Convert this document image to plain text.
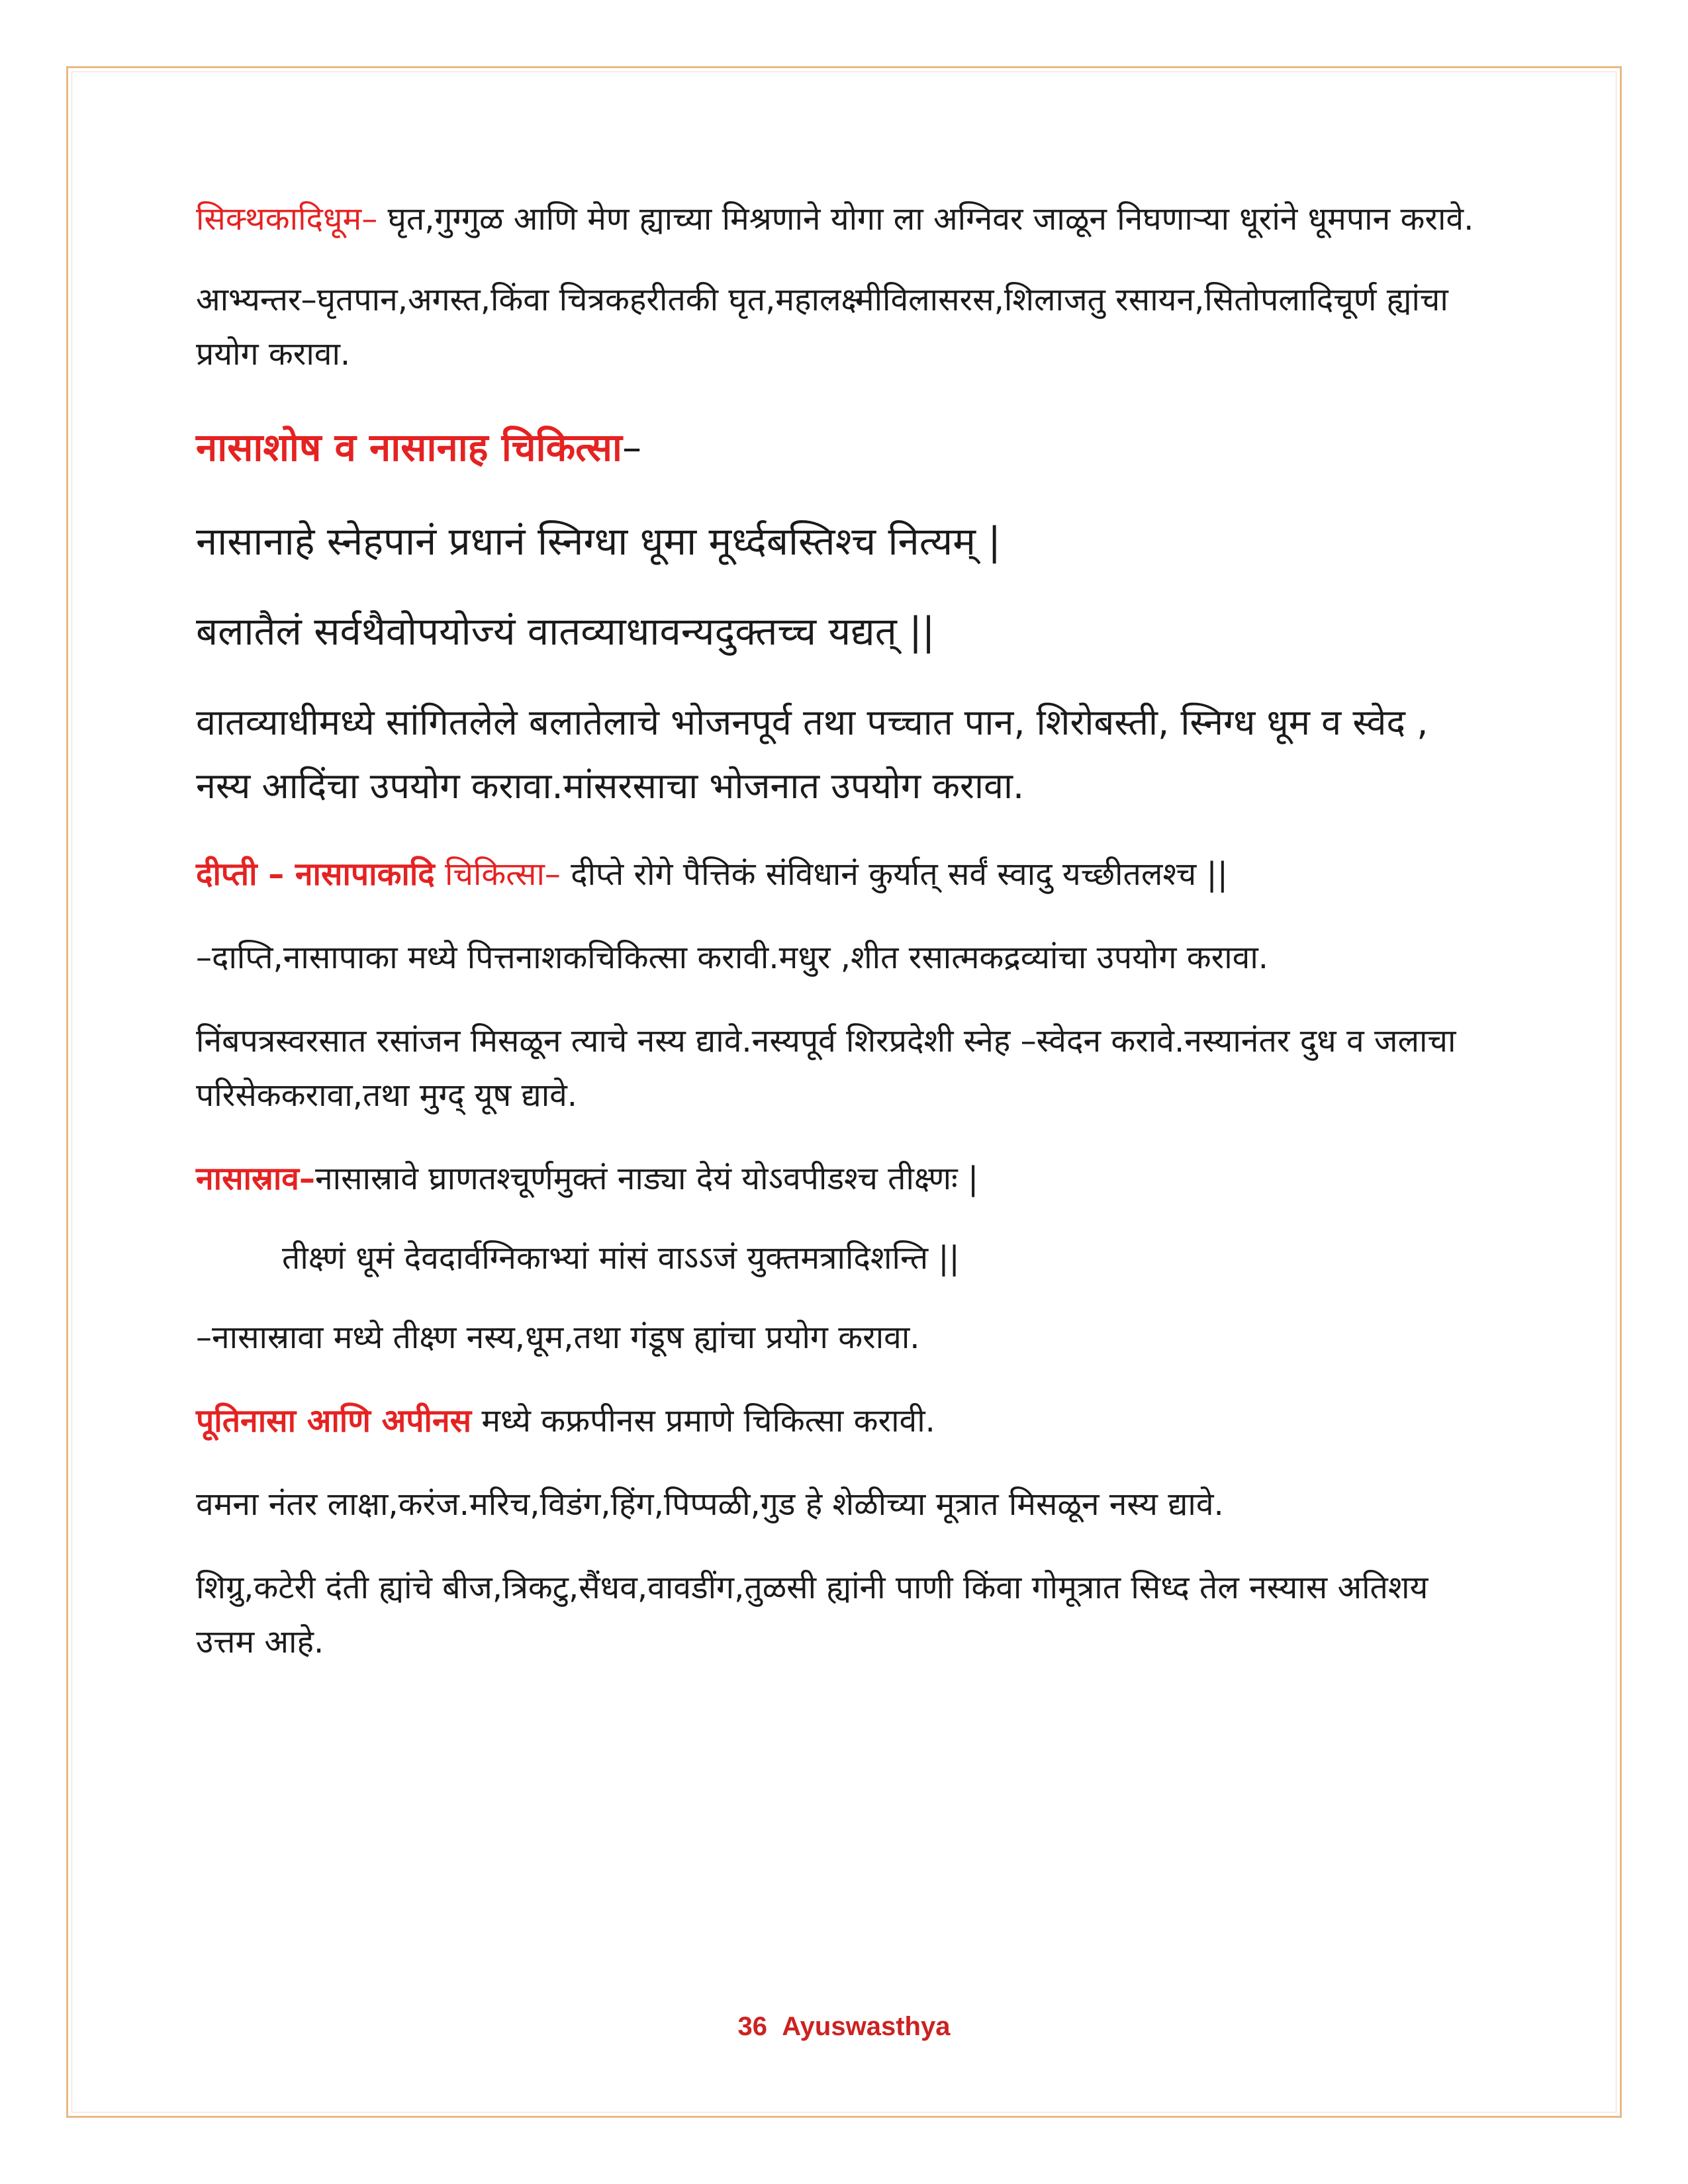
सिक्थकादिधूम– घृत,गुग्गुळ आणि मेण ह्याच्या मिश्रणाने योगा ला अग्निवर जाळून निघणाऱ्या धूरांने धूमपान करावे.

आभ्यन्तर–घृतपान,अगस्त,किंवा चित्रकहरीतकी घृत,महालक्ष्मीविलासरस,शिलाजतु रसायन,सितोपलादिचूर्ण ह्यांचा प्रयोग करावा.

नासाशोष व नासानाह चिकित्सा–

नासानाहे स्नेहपानं प्रधानं स्निग्धा धूमा मूर्ध्दबस्तिश्च नित्यम् |

बलातैलं सर्वथैवोपयोज्यं वातव्याधावन्यदुक्तच्च यद्यत् ||

वातव्याधीमध्ये सांगितलेले बलातेलाचे भोजनपूर्व तथा पच्चात पान, शिरोबस्ती, स्निग्ध धूम व स्वेद , नस्य आदिंचा उपयोग करावा.मांसरसाचा भोजनात उपयोग करावा.

दीप्ती – नासापाकादि चिकित्सा– दीप्ते रोगे पैत्तिकं संविधानं कुर्यात् सर्वं स्वादु यच्छीतलश्च ||

–दाप्ति,नासापाका मध्ये पित्तनाशकचिकित्सा करावी.मधुर ,शीत रसात्मकद्रव्यांचा उपयोग करावा.

निंबपत्रस्वरसात रसांजन मिसळून त्याचे नस्य द्यावे.नस्यपूर्व शिरप्रदेशी स्नेह –स्वेदन करावे.नस्यानंतर दुध व जलाचा परिसेककरावा,तथा मुग्द् यूष द्यावे.

नासास्राव–नासास्रावे घ्राणतश्चूर्णमुक्तं नाड्या देयं योऽवपीडश्च तीक्ष्णः |

तीक्ष्णं धूमं देवदार्वग्निकाभ्यां मांसं वाऽऽजं युक्तमत्रादिशन्ति ||

–नासास्रावा मध्ये तीक्ष्ण नस्य,धूम,तथा गंडूष ह्यांचा प्रयोग करावा.

पूतिनासा आणि अपीनस मध्ये कफ्रपीनस प्रमाणे चिकित्सा करावी.

वमना नंतर लाक्षा,करंज.मरिच,विडंग,हिंग,पिप्पळी,गुड हे शेळीच्या मूत्रात मिसळून नस्य द्यावे.

शिग्रु,कटेरी दंती ह्यांचे बीज,त्रिकटु,सैंधव,वावडींग,तुळसी ह्यांनी पाणी किंवा गोमूत्रात सिध्द तेल नस्यास अतिशय उत्तम आहे.

36 Ayuswasthya
